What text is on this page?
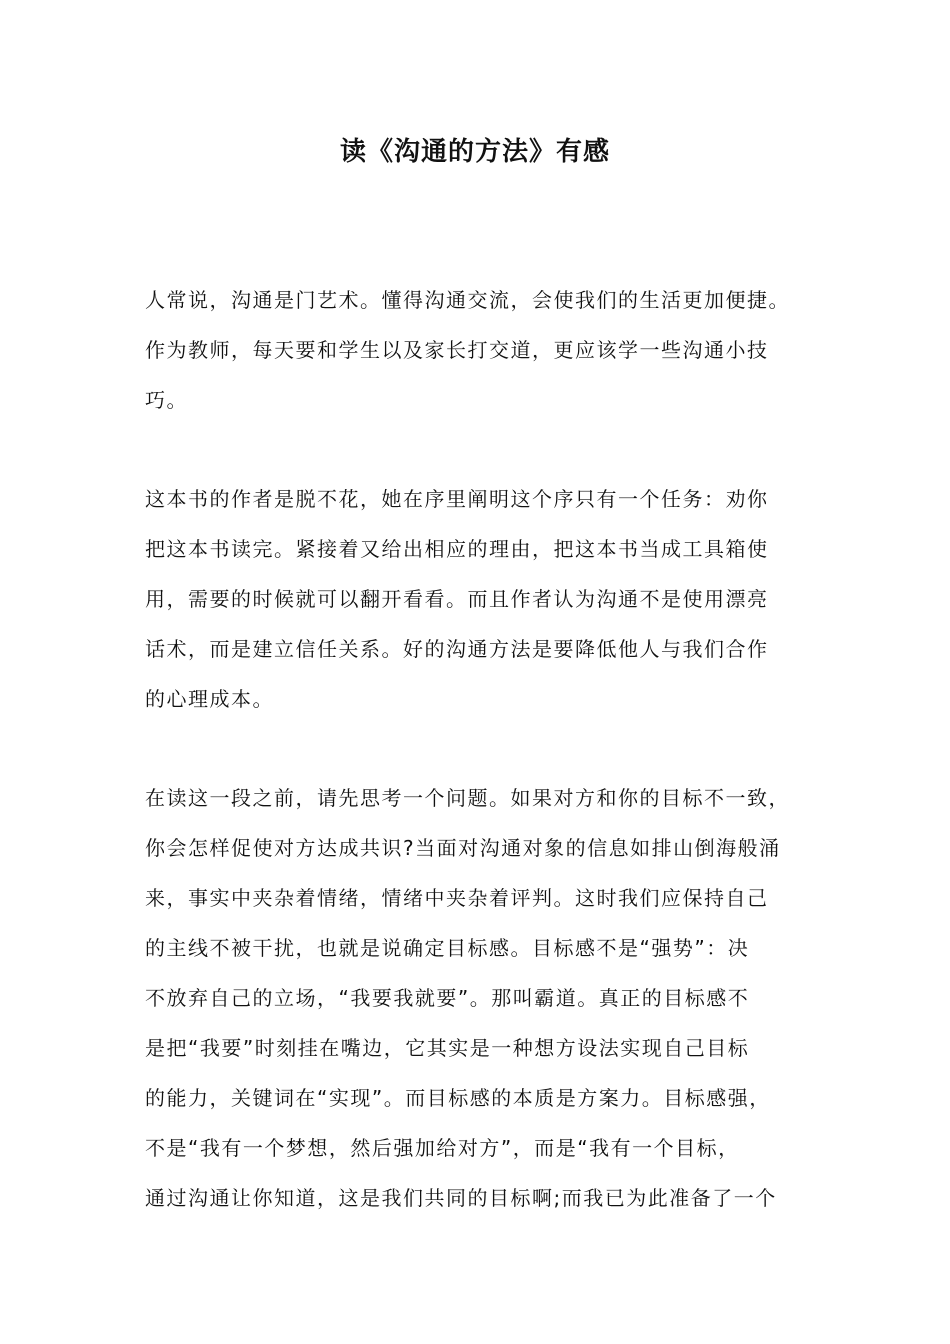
读《沟通的方法》有感
人常说，沟通是门艺术。懂得沟通交流，会使我们的生活更加便捷。
作为教师，每天要和学生以及家长打交道，更应该学一些沟通小技
巧。
这本书的作者是脱不花，她在序里阐明这个序只有一个任务：劝你
把这本书读完。紧接着又给出相应的理由，把这本书当成工具箱使
用，需要的时候就可以翻开看看。而且作者认为沟通不是使用漂亮
话术，而是建立信任关系。好的沟通方法是要降低他人与我们合作
的心理成本。
在读这一段之前，请先思考一个问题。如果对方和你的目标不一致，
你会怎样促使对方达成共识?当面对沟通对象的信息如排山倒海般涌
来，事实中夹杂着情绪，情绪中夹杂着评判。这时我们应保持自己
的主线不被干扰，也就是说确定目标感。目标感不是“强势”：决
不放弃自己的立场，“我要我就要”。那叫霸道。真正的目标感不
是把“我要”时刻挂在嘴边，它其实是一种想方设法实现自己目标
的能力，关键词在“实现”。而目标感的本质是方案力。目标感强，
不是“我有一个梦想，然后强加给对方”，而是“我有一个目标，
通过沟通让你知道，这是我们共同的目标啊;而我已为此准备了一个
